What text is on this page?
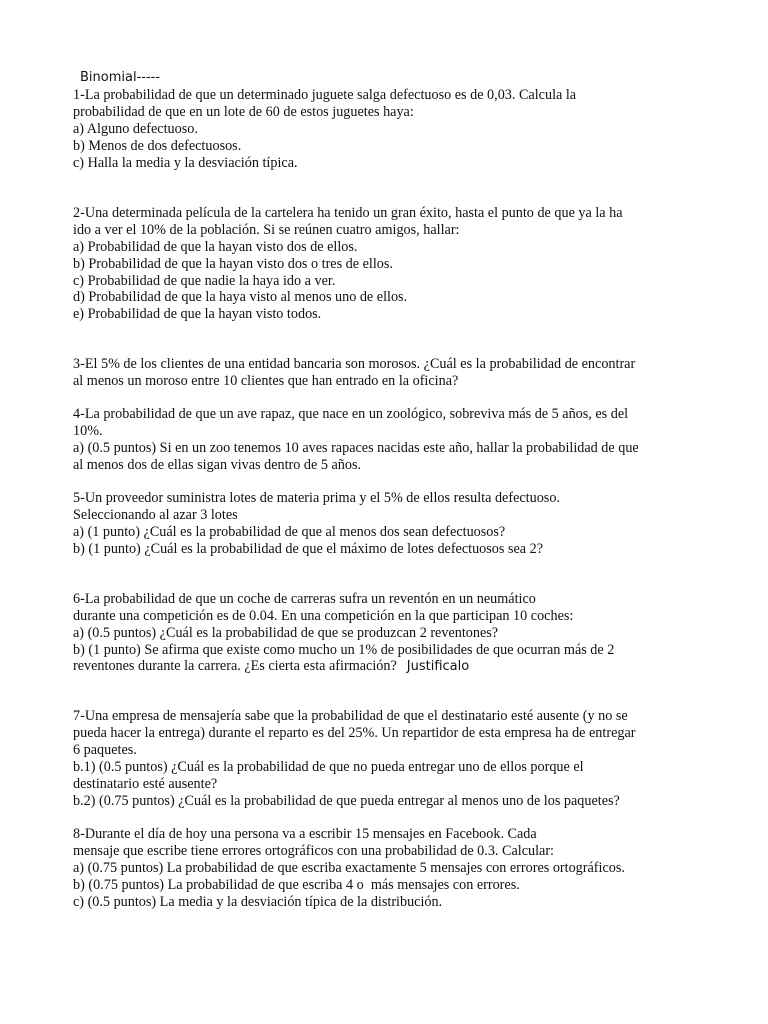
Binomial-----
1-La probabilidad de que un determinado juguete salga defectuoso es de 0,03. Calcula la
probabilidad de que en un lote de 60 de estos juguetes haya:
a) Alguno defectuoso.
b) Menos de dos defectuosos.
c) Halla la media y la desviación típica.
2-Una determinada película de la cartelera ha tenido un gran éxito, hasta el punto de que ya la ha
ido a ver el 10% de la población. Si se reúnen cuatro amigos, hallar:
a) Probabilidad de que la hayan visto dos de ellos.
b) Probabilidad de que la hayan visto dos o tres de ellos.
c) Probabilidad de que nadie la haya ido a ver.
d) Probabilidad de que la haya visto al menos uno de ellos.
e) Probabilidad de que la hayan visto todos.
3-El 5% de los clientes de una entidad bancaria son morosos. ¿Cuál es la probabilidad de encontrar
al menos un moroso entre 10 clientes que han entrado en la oficina?
4-La probabilidad de que un ave rapaz, que nace en un zoológico, sobreviva más de 5 años, es del
10%.
a) (0.5 puntos) Si en un zoo tenemos 10 aves rapaces nacidas este año, hallar la probabilidad de que
al menos dos de ellas sigan vivas dentro de 5 años.
5-Un proveedor suministra lotes de materia prima y el 5% de ellos resulta defectuoso.
Seleccionando al azar 3 lotes
a) (1 punto) ¿Cuál es la probabilidad de que al menos dos sean defectuosos?
b) (1 punto) ¿Cuál es la probabilidad de que el máximo de lotes defectuosos sea 2?
6-La probabilidad de que un coche de carreras sufra un reventón en un neumático
durante una competición es de 0.04. En una competición en la que participan 10 coches:
a) (0.5 puntos) ¿Cuál es la probabilidad de que se produzcan 2 reventones?
b) (1 punto) Se afirma que existe como mucho un 1% de posibilidades de que ocurran más de 2
reventones durante la carrera. ¿Es cierta esta afirmación? Justificalo
7-Una empresa de mensajería sabe que la probabilidad de que el destinatario esté ausente (y no se
pueda hacer la entrega) durante el reparto es del 25%. Un repartidor de esta empresa ha de entregar
6 paquetes.
b.1) (0.5 puntos) ¿Cuál es la probabilidad de que no pueda entregar uno de ellos porque el
destinatario esté ausente?
b.2) (0.75 puntos) ¿Cuál es la probabilidad de que pueda entregar al menos uno de los paquetes?
8-Durante el día de hoy una persona va a escribir 15 mensajes en Facebook. Cada
mensaje que escribe tiene errores ortográficos con una probabilidad de 0.3. Calcular:
a) (0.75 puntos) La probabilidad de que escriba exactamente 5 mensajes con errores ortográficos.
b) (0.75 puntos) La probabilidad de que escriba 4 o  más mensajes con errores.
c) (0.5 puntos) La media y la desviación típica de la distribución.
